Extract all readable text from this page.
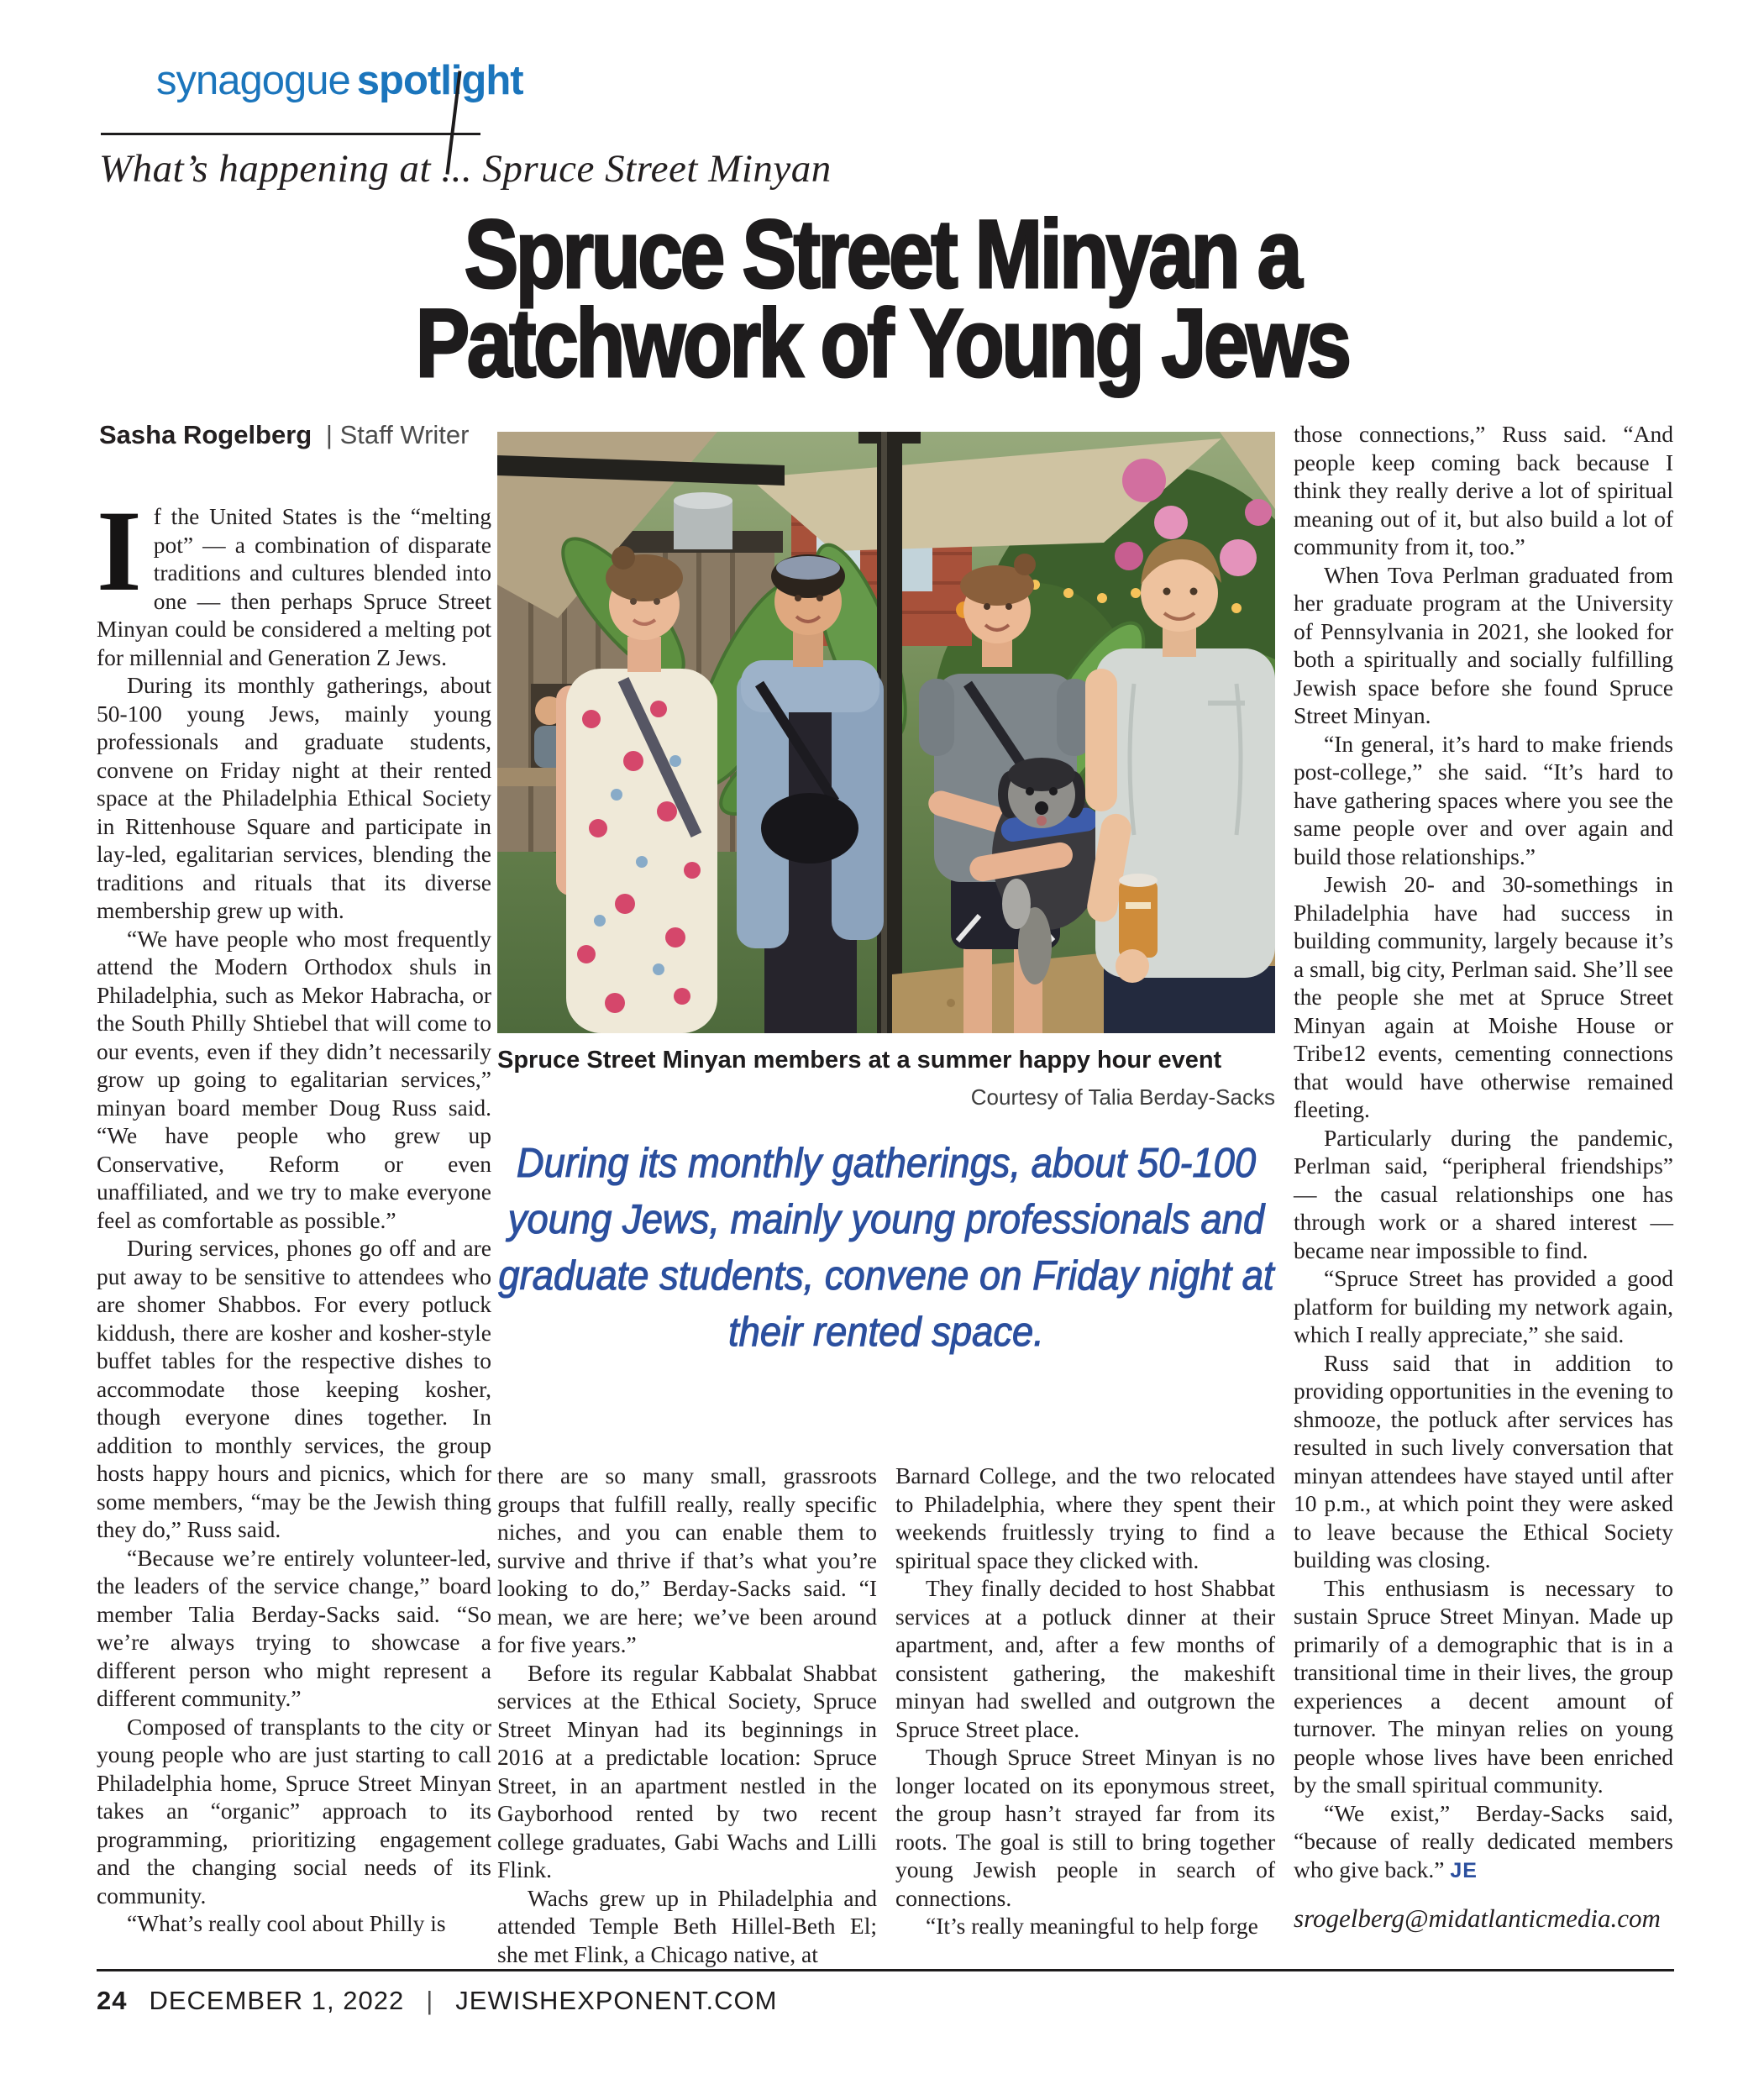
synagogue spotlight
What’s happening at ... Spruce Street Minyan
Spruce Street Minyan a
Patchwork of Young Jews
Sasha Rogelberg | Staff Writer
Spruce Street Minyan members at a summer happy hour event
Courtesy of Talia Berday-Sacks
During its monthly gatherings, about 50-100 young Jews, mainly young professionals and graduate students, convene on Friday night at their rented space.

If the United States is the “melting pot” — a combination of disparate traditions and cultures blended into one — then perhaps Spruce Street Minyan could be considered a melting pot for millennial and Generation Z Jews.

During its monthly gatherings, about 50-100 young Jews, mainly young professionals and graduate students, convene on Friday night at their rented space at the Philadelphia Ethical Society in Rittenhouse Square and participate in lay-led, egalitarian services, blending the traditions and rituals that its diverse membership grew up with.

“We have people who most frequently attend the Modern Orthodox shuls in Philadelphia, such as Mekor Habracha, or the South Philly Shtiebel that will come to our events, even if they didn’t necessarily grow up going to egalitarian services,” minyan board member Doug Russ said. “We have people who grew up Conservative, Reform or even unaffiliated, and we try to make everyone feel as comfortable as possible.”

During services, phones go off and are put away to be sensitive to attendees who are shomer Shabbos. For every potluck kiddush, there are kosher and kosher-style buffet tables for the respective dishes to accommodate those keeping kosher, though everyone dines together. In addition to monthly services, the group hosts happy hours and picnics, which for some members, “may be the Jewish thing they do,” Russ said.

“Because we’re entirely volunteer-led, the leaders of the service change,” board member Talia Berday-Sacks said. “So we’re always trying to showcase a different person who might represent a different community.”

Composed of transplants to the city or young people who are just starting to call Philadelphia home, Spruce Street Minyan takes an “organic” approach to its programming, prioritizing engagement and the changing social needs of its community.

“What’s really cool about Philly is

there are so many small, grassroots groups that fulfill really, really specific niches, and you can enable them to survive and thrive if that’s what you’re looking to do,” Berday-Sacks said. “I mean, we are here; we’ve been around for five years.”

Before its regular Kabbalat Shabbat services at the Ethical Society, Spruce Street Minyan had its beginnings in 2016 at a predictable location: Spruce Street, in an apartment nestled in the Gayborhood rented by two recent college graduates, Gabi Wachs and Lilli Flink.

Wachs grew up in Philadelphia and attended Temple Beth Hillel-Beth El; she met Flink, a Chicago native, at

Barnard College, and the two relocated to Philadelphia, where they spent their weekends fruitlessly trying to find a spiritual space they clicked with.

They finally decided to host Shabbat services at a potluck dinner at their apartment, and, after a few months of consistent gathering, the makeshift minyan had swelled and outgrown the Spruce Street place.

Though Spruce Street Minyan is no longer located on its eponymous street, the group hasn’t strayed far from its roots. The goal is still to bring together young Jewish people in search of connections.

“It’s really meaningful to help forge

those connections,” Russ said. “And people keep coming back because I think they really derive a lot of spiritual meaning out of it, but also build a lot of community from it, too.”

When Tova Perlman graduated from her graduate program at the University of Pennsylvania in 2021, she looked for both a spiritually and socially fulfilling Jewish space before she found Spruce Street Minyan.

“In general, it’s hard to make friends post-college,” she said. “It’s hard to have gathering spaces where you see the same people over and over again and build those relationships.”

Jewish 20- and 30-somethings in Philadelphia have had success in building community, largely because it’s a small, big city, Perlman said. She’ll see the people she met at Spruce Street Minyan again at Moishe House or Tribe12 events, cementing connections that would have otherwise remained fleeting.

Particularly during the pandemic, Perlman said, “peripheral friendships” — the casual relationships one has through work or a shared interest — became near impossible to find.

“Spruce Street has provided a good platform for building my network again, which I really appreciate,” she said.

Russ said that in addition to providing opportunities in the evening to shmooze, the potluck after services has resulted in such lively conversation that minyan attendees have stayed until after 10 p.m., at which point they were asked to leave because the Ethical Society building was closing.

This enthusiasm is necessary to sustain Spruce Street Minyan. Made up primarily of a demographic that is in a transitional time in their lives, the group experiences a decent amount of turnover. The minyan relies on young people whose lives have been enriched by the small spiritual community.

“We exist,” Berday-Sacks said, “because of really dedicated members who give back.” JE

srogelberg@midatlanticmedia.com
24 DECEMBER 1, 2022 | JEWISHEXPONENT.COM
